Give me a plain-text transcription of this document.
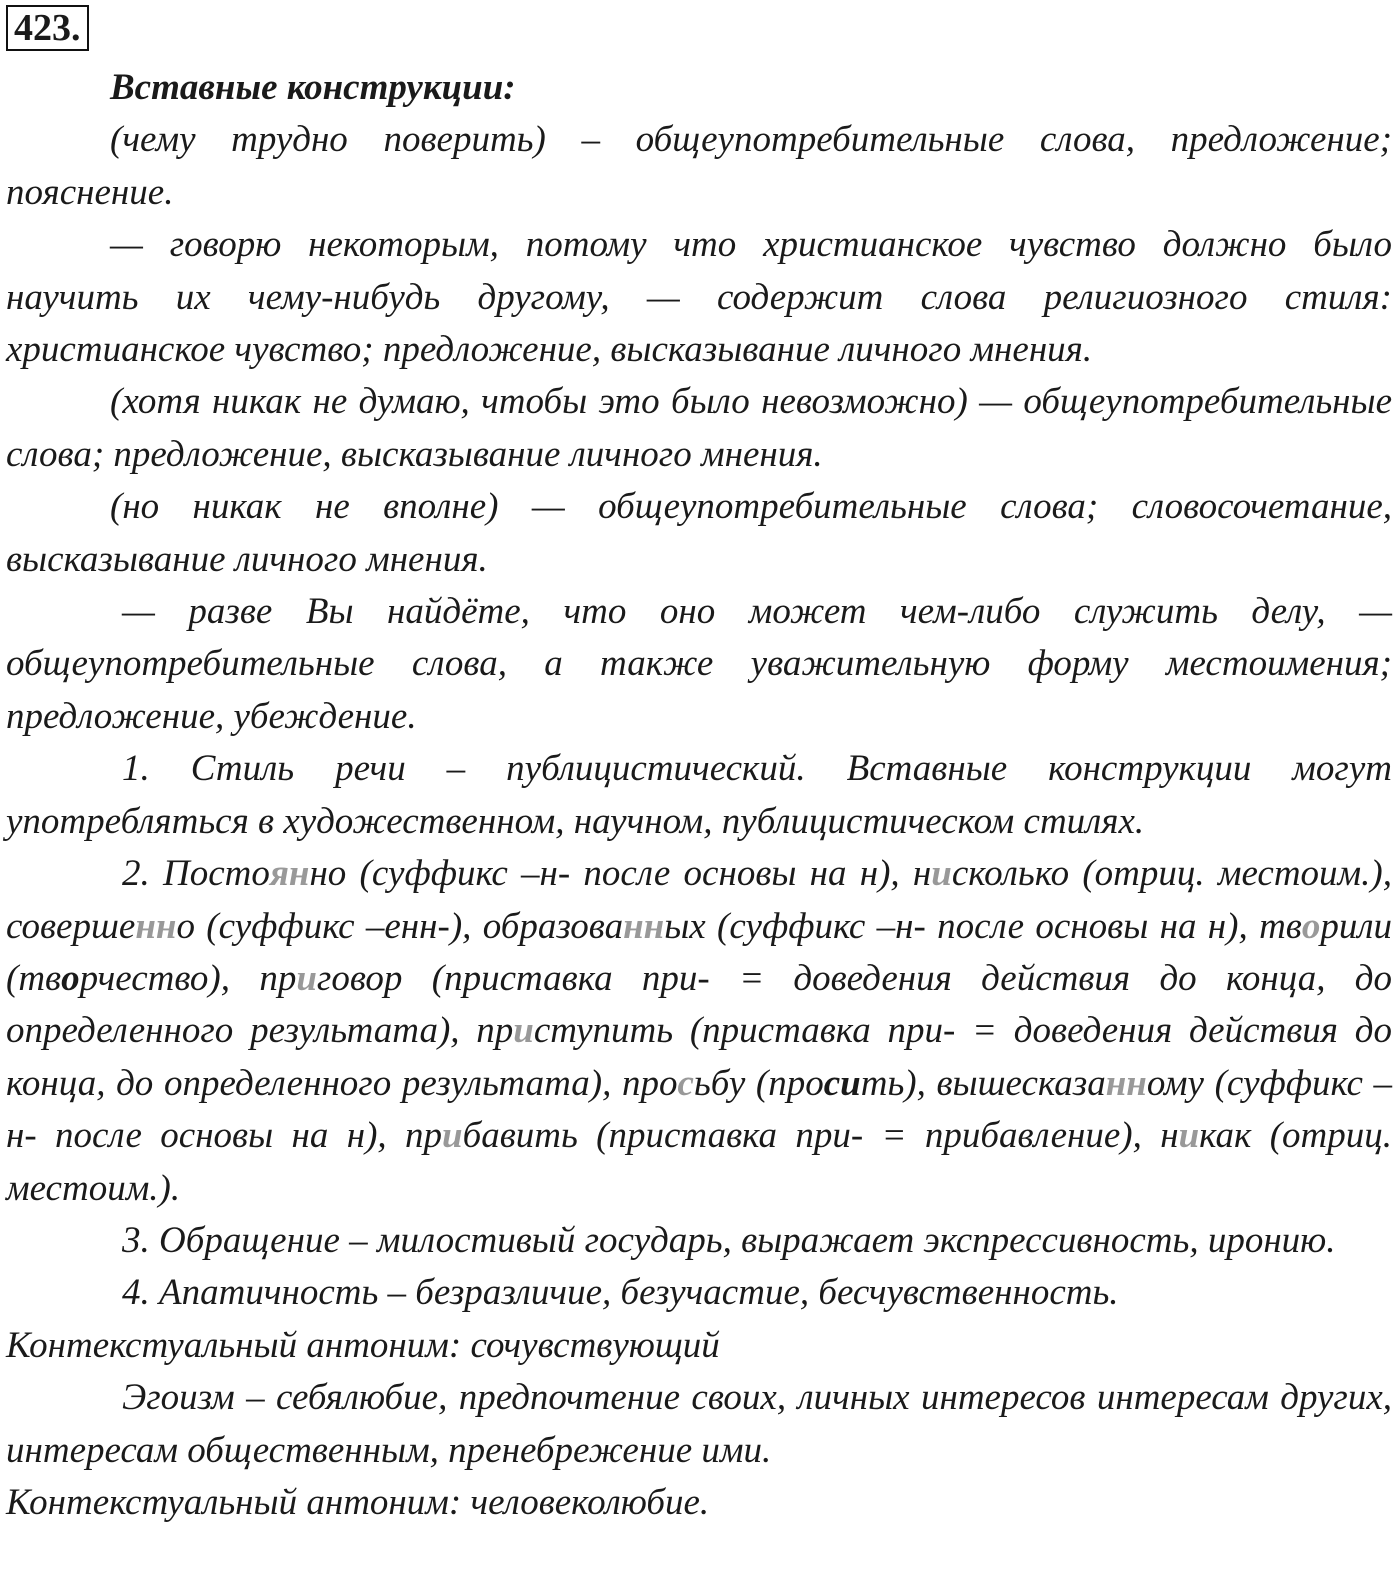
423.

Вставные конструкции:

(чему трудно поверить) – общеупотребительные слова, предложение; пояснение.

— говорю некоторым, потому что христианское чувство должно было научить их чему-нибудь другому, — содержит слова религиозного стиля: христианское чувство; предложение, высказывание личного мнения.

(хотя никак не думаю, чтобы это было невозможно) — общеупотребительные слова; предложение, высказывание личного мнения.

(но никак не вполне) — общеупотребительные слова; словосочетание, высказывание личного мнения.

— разве Вы найдёте, что оно может чем-либо служить делу, — общеупотребительные слова, а также уважительную форму местоимения; предложение, убеждение.

1. Стиль речи – публицистический. Вставные конструкции могут употребляться в художественном, научном, публицистическом стилях.

2. Постоянно (суффикс –н- после основы на н), нисколько (отриц. местоим.), совершенно (суффикс –енн-), образованных (суффикс –н- после основы на н), творили (творчество), приговор (приставка при- = доведения действия до конца, до определенного результата), приступить (приставка при- = доведения действия до конца, до определенного результата), просьбу (просить), вышесказанному (суффикс –н- после основы на н), прибавить (приставка при- = прибавление), никак (отриц. местоим.).

3. Обращение – милостивый государь, выражает экспрессивность, иронию.

4. Апатичность – безразличие, безучастие, бесчувственность.

Контекстуальный антоним: сочувствующий

Эгоизм – себялюбие, предпочтение своих, личных интересов интересам других, интересам общественным, пренебрежение ими.

Контекстуальный антоним: человеколюбие.
